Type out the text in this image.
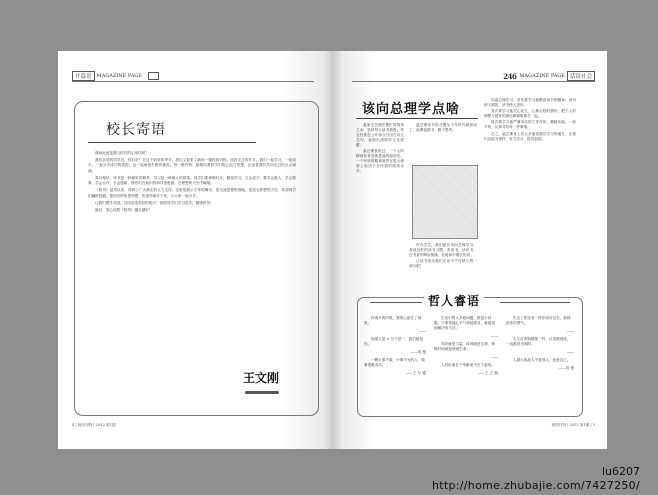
开篇语	MAGAZINE PAGE
校长寄语

谨表此何是我与你们的心里话吧！

我们亲爱的同学们，你们好！在这个收获的季节，我们又迎来了新的一期校园刊物。回首走过的岁月，我们一起学习，一起成长，一起分享成功的喜悦，也一起承担失败的痛苦。每一期刊物，都凝结着同学们的心血与智慧，记录着我们共同走过的点点滴滴。

我们相信，读书是一种最好的修养，学习是一种最大的财富。同学们要珍惜时光，勤奋学习，立志成才；要学会做人，学会做事，学会合作，学会创新。愿你们在知识的海洋里遨游，在理想的天空中翱翔。

《校刊》创刊以来，得到了广大师生的大力支持。这里是展示才华的舞台，是交流思想的园地，是放飞梦想的天空。希望同学们踊跃投稿，把你们的所思所想、所见所闻写下来，与大家一起分享。

让我们携手共进，共同创造美好的明天！祝愿同学们学习进步，健康快乐！

最后，衷心祝愿《校刊》越办越好！

王文刚
4 | 校园刊物 | 2012 第1期
246 MAGAZINE PAGE 话说社会
该向总理学点啥

温家宝总理在繁忙的国务之余，坚持每天读书看报，并且经常在公开场合引用古诗文名句，表现出深厚的文化底蕴。

温总理曾说过：一个人的精神发育史就是他的阅读史，一个民族的精神境界在很大程度上取决于全民族的阅读水平。

温总理读书的习惯从少年时代就养成了，他博览群书，勤于思考。

作为学生，我们更应该向总理学习，养成良好的读书习惯，多读书，读好书，在书香中陶冶情操，在阅读中增长知识。

让读书成为我们生活中不可缺少的一部分吧！

向温总理学习，首先要学习他勤奋读书的精神。读书使人明智，读书使人进步。

其次要学习他关心民生、心系百姓的情怀，把个人的理想与国家的命运紧紧联系在一起。

再次要学习他严谨务实的工作作风，脚踏实地，一丝不苟，认真对待每一件事情。

总之，温总理身上有太多值得我们学习的地方，让我们以他为榜样，努力学习，报效祖国。

哲人睿语

你离开的时候，我的心留在了那里。

——

如果人是 ∞ 分子是一，我们就是你。

——培 根

一颗大事不做，小事不为的人，做事很难成功。

——王 尔 德

生活中的大多数问题，都是小问题，只要你能心平气和地面对，就能找到解决的方法。

——

知识就是力量，时间就是生命，珍惜时间就是珍惜生命。

——

人的价值在于奉献而不在于索取。

——王 之 涣

失去了你还有一样东西可以在，那就是你的勇气。

——

人生应该如蜡烛一样，从顶燃到底，一直都是光明的。

——

人最大的敌人不是别人，而是自己。

——培 根

校园刊物 | 2012 第1期 | 5
lu6207
http://home.zhubajie.com/7427250/
